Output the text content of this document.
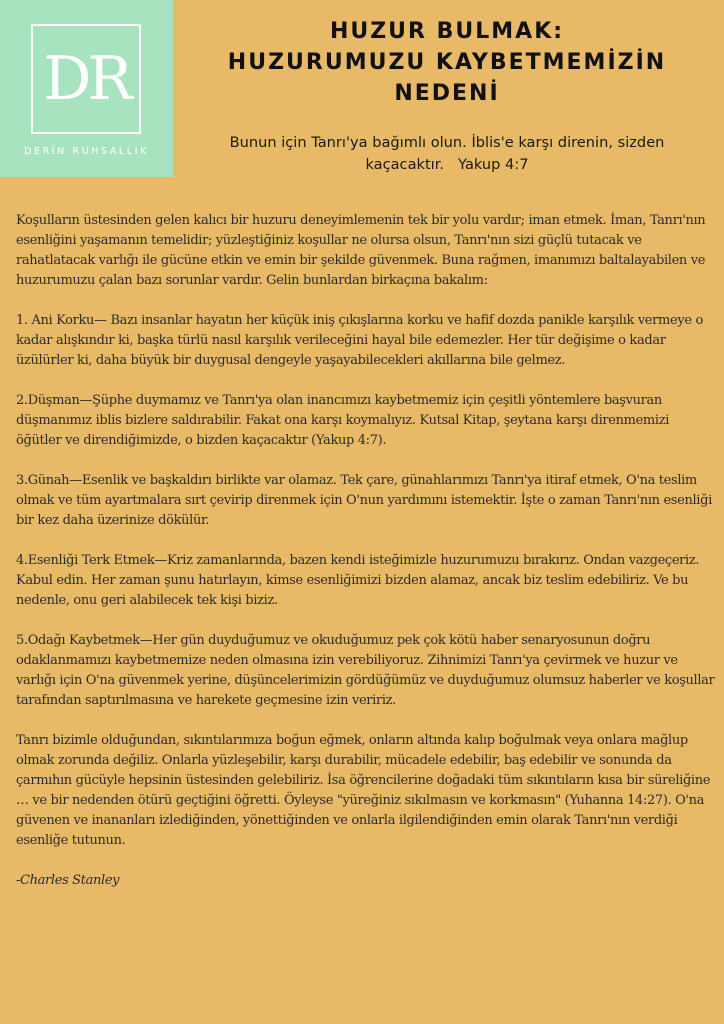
DR
DERİN RUHSALLIK
HUZUR BULMAK:
HUZURUMUZU KAYBETMEMİZİN
NEDENİ
Bunun için Tanrı'ya bağımlı olun. İblis'e karşı direnin, sizden kaçacaktır. Yakup 4:7

Koşulların üstesinden gelen kalıcı bir huzuru deneyimlemenin tek bir yolu vardır; iman etmek. İman, Tanrı'nın esenliğini yaşamanın temelidir; yüzleştiğiniz koşullar ne olursa olsun, Tanrı'nın sizi güçlü tutacak ve rahatlatacak varlığı ile gücüne etkin ve emin bir şekilde güvenmek. Buna rağmen, imanımızı baltalayabilen ve huzurumuzu çalan bazı sorunlar vardır. Gelin bunlardan birkaçına bakalım:

1. Ani Korku— Bazı insanlar hayatın her küçük iniş çıkışlarına korku ve hafif dozda panikle karşılık vermeye o kadar alışkındır ki, başka türlü nasıl karşılık verileceğini hayal bile edemezler. Her tür değişime o kadar üzülürler ki, daha büyük bir duygusal dengeyle yaşayabilecekleri akıllarına bile gelmez.

2.Düşman—Şüphe duymamız ve Tanrı'ya olan inancımızı kaybetmemiz için çeşitli yöntemlere başvuran düşmanımız iblis bizlere saldırabilir. Fakat ona karşı koymalıyız. Kutsal Kitap, şeytana karşı direnmemizi öğütler ve direndiğimizde, o bizden kaçacaktır (Yakup 4:7).

3.Günah—Esenlik ve başkaldırı birlikte var olamaz. Tek çare, günahlarımızı Tanrı'ya itiraf etmek, O'na teslim olmak ve tüm ayartmalara sırt çevirip direnmek için O'nun yardımını istemektir. İşte o zaman Tanrı'nın esenliği bir kez daha üzerinize dökülür.

4.Esenliği Terk Etmek—Kriz zamanlarında, bazen kendi isteğimizle huzurumuzu bırakırız. Ondan vazgeçeriz. Kabul edin. Her zaman şunu hatırlayın, kimse esenliğimizi bizden alamaz, ancak biz teslim edebiliriz. Ve bu nedenle, onu geri alabilecek tek kişi biziz.

5.Odağı Kaybetmek—Her gün duyduğumuz ve okuduğumuz pek çok kötü haber senaryosunun doğru odaklanmamızı kaybetmemize neden olmasına izin verebiliyoruz. Zihnimizi Tanrı'ya çevirmek ve huzur ve varlığı için O'na güvenmek yerine, düşüncelerimizin gördüğümüz ve duyduğumuz olumsuz haberler ve koşullar tarafından saptırılmasına ve harekete geçmesine izin veririz.

Tanrı bizimle olduğundan, sıkıntılarımıza boğun eğmek, onların altında kalıp boğulmak veya onlara mağlup olmak zorunda değiliz. Onlarla yüzleşebilir, karşı durabilir, mücadele edebilir, baş edebilir ve sonunda da çarmıhın gücüyle hepsinin üstesinden gelebiliriz. İsa öğrencilerine doğadaki tüm sıkıntıların kısa bir süreliğine … ve bir nedenden ötürü geçtiğini öğretti. Öyleyse "yüreğiniz sıkılmasın ve korkmasın" (Yuhanna 14:27). O'na güvenen ve inananları izlediğinden, yönettiğinden ve onlarla ilgilendiğinden emin olarak Tanrı'nın verdiği esenliğe tutunun.

-Charles Stanley
